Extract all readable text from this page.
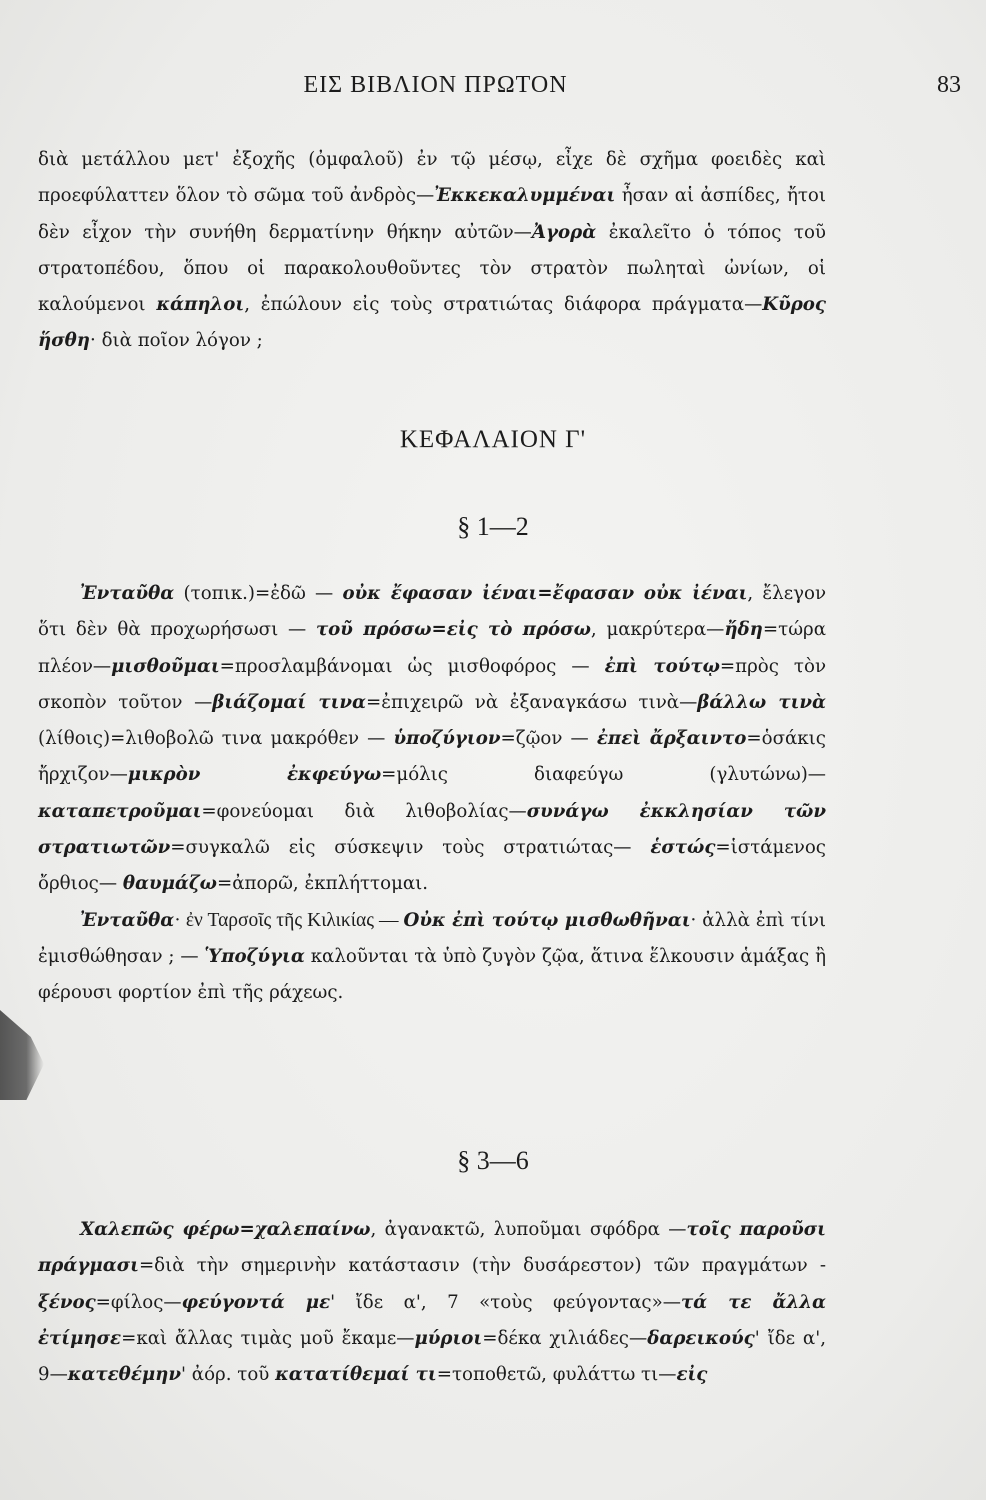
ΕΙΣ ΒΙΒΛΙΟΝ ΠΡΩΤΟΝ	83

διὰ μετάλλου μετ' ἐξοχῆς (ὀμφαλοῦ) ἐν τῷ μέσῳ, εἶχε δὲ σχῆμα φοειδὲς καὶ προεφύλαττεν ὅλον τὸ σῶμα τοῦ ἀνδρὸς—Ἐκκεκαλυμμέναι ἦσαν αἱ ἀσπίδες, ἤτοι δὲν εἶχον τὴν συνήθη δερματίνην θήκην αὐτῶν—Ἀγορὰ ἐκαλεῖτο ὁ τόπος τοῦ στρατοπέδου, ὅπου οἱ παρακολουθοῦντες τὸν στρατὸν πωληταὶ ὠνίων, οἱ καλούμενοι κάπηλοι, ἐπώλουν εἰς τοὺς στρατιώτας διάφορα πράγματα—Κῦρος ἥσθη· διὰ ποῖον λόγον ;

ΚΕΦΑΛΑΙΟΝ Γ'
§ 1—2

Ἐνταῦθα (τοπικ.)=ἐδῶ — οὐκ ἔφασαν ἰέναι=ἔφασαν οὐκ ἰέναι, ἔλεγον ὅτι δὲν θὰ προχωρήσωσι — τοῦ πρόσω=εἰς τὸ πρόσω, μακρύτερα—ἤδη=τώρα πλέον—μισθοῦμαι=προσλαμβάνομαι ὡς μισθοφόρος — ἐπὶ τούτῳ=πρὸς τὸν σκοπὸν τοῦτον —βιάζομαί τινα=ἐπιχειρῶ νὰ ἐξαναγκάσω τινὰ—βάλλω τινὰ (λίθοις)=λιθοβολῶ τινα μακρόθεν — ὑποζύγιον=ζῷον — ἐπεὶ ἄρξαιντο=ὁσάκις ἤρχιζον—μικρὸν ἐκφεύγω=μόλις διαφεύγω (γλυτώνω)—καταπετροῦμαι=φονεύομαι διὰ λιθοβολίας—συνάγω ἐκκλησίαν τῶν στρατιωτῶν=συγκαλῶ εἰς σύσκεψιν τοὺς στρατιώτας— ἑστώς=ἱστάμενος ὄρθιος— θαυμάζω=ἀπορῶ, ἐκπλήττομαι.

Ἐνταῦθα· ἐν Ταρσοῖς τῆς Κιλικίας — Οὐκ ἐπὶ τούτῳ μισθωθῆναι· ἀλλὰ ἐπὶ τίνι ἐμισθώθησαν ; — Ὑποζύγια καλοῦνται τὰ ὑπὸ ζυγὸν ζῷα, ἅτινα ἕλκουσιν ἁμάξας ἢ φέρουσι φορτίον ἐπὶ τῆς ράχεως.

§ 3—6

Χαλεπῶς φέρω=χαλεπαίνω, ἀγανακτῶ, λυποῦμαι σφόδρα —τοῖς παροῦσι πράγμασι=διὰ τὴν σημερινὴν κατάστασιν (τὴν δυσάρεστον) τῶν πραγμάτων - ξένος=φίλος—φεύγοντά με' ἴδε α', 7 «τοὺς φεύγοντας»—τά τε ἄλλα ἐτίμησε=καὶ ἄλλας τιμὰς μοῦ ἔκαμε—μύριοι=δέκα χιλιάδες—δαρεικούς' ἴδε α', 9—κατεθέμην' ἀόρ. τοῦ κατατίθεμαί τι=τοποθετῶ, φυλάττω τι—εἰς
